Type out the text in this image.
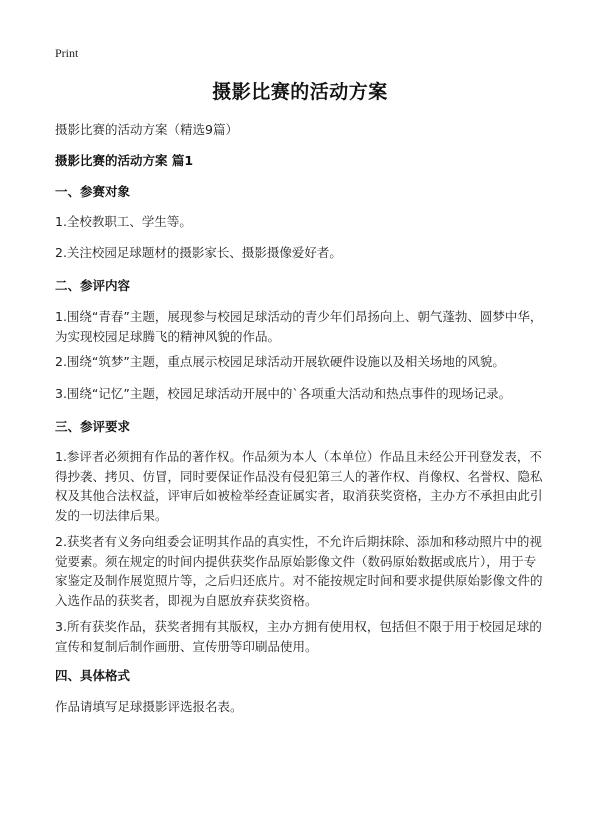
Print
摄影比赛的活动方案
摄影比赛的活动方案（精选9篇）
摄影比赛的活动方案 篇1
一、参赛对象
1.全校教职工、学生等。
2.关注校园足球题材的摄影家长、摄影摄像爱好者。
二、参评内容
1.围绕“青春”主题，展现参与校园足球活动的青少年们昂扬向上、朝气蓬勃、圆梦中华，为实现校园足球腾飞的精神风貌的作品。
2.围绕“筑梦”主题，重点展示校园足球活动开展软硬件设施以及相关场地的风貌。
3.围绕“记忆”主题，校园足球活动开展中的`各项重大活动和热点事件的现场记录。
三、参评要求
1.参评者必须拥有作品的著作权。作品须为本人（本单位）作品且未经公开刊登发表，不得抄袭、拷贝、仿冒，同时要保证作品没有侵犯第三人的著作权、肖像权、名誉权、隐私权及其他合法权益，评审后如被检举经查证属实者，取消获奖资格，主办方不承担由此引发的一切法律后果。
2.获奖者有义务向组委会证明其作品的真实性，不允许后期抹除、添加和移动照片中的视觉要素。须在规定的时间内提供获奖作品原始影像文件（数码原始数据或底片），用于专家鉴定及制作展览照片等，之后归还底片。对不能按规定时间和要求提供原始影像文件的入选作品的获奖者，即视为自愿放弃获奖资格。
3.所有获奖作品，获奖者拥有其版权，主办方拥有使用权，包括但不限于用于校园足球的宣传和复制后制作画册、宣传册等印刷品使用。
四、具体格式
作品请填写足球摄影评选报名表。
